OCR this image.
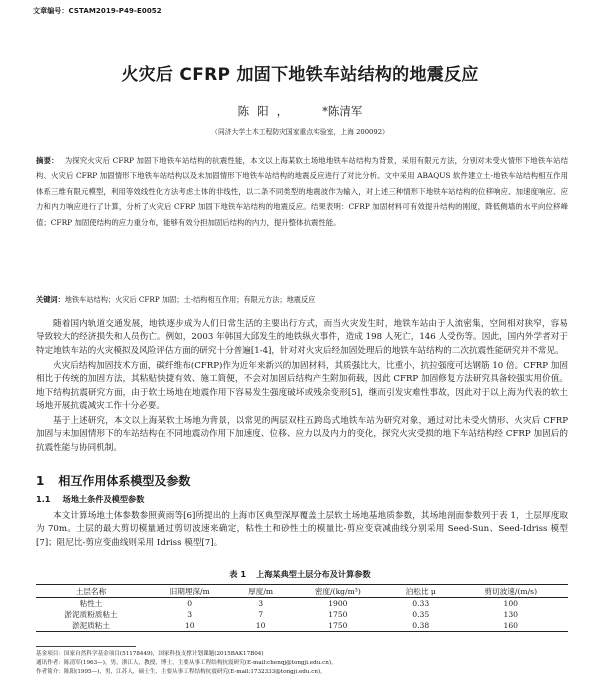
文章编号：CSTAM2019-P49-E0052
火灾后 CFRP 加固下地铁车站结构的地震反应
陈阳， *陈清军
（同济大学土木工程防灾国家重点实验室，上海 200092）
摘要： 为探究火灾后 CFRP 加固下地铁车站结构的抗震性能，本文以上海某软土场地地铁车站结构为背景，采用有限元方法，分别对未受火情形下地铁车站结构、火灾后 CFRP 加固情形下地铁车站结构以及未加固情形下地铁车站结构的地震反应进行了对比分析。文中采用 ABAQUS 软件建立土-地铁车站结构相互作用体系三维有限元模型，利用等效线性化方法考虑土体的非线性，以二条不同类型的地震波作为输入，对上述三种情形下地铁车站结构的位移响应、加速度响应、应力和内力响应进行了计算，分析了火灾后 CFRP 加固下地铁车站结构的地震反应。结果表明：CFRP 加固材料可有效提升结构的刚度，降低侧墙的水平向位移峰值；CFRP 加固使结构的应力重分布，能够有效分担加固后结构的内力，提升整体抗震性能。
关键词：地铁车站结构；火灾后 CFRP 加固；土-结构相互作用；有限元方法；地震反应

随着国内轨道交通发展，地铁逐步成为人们日常生活的主要出行方式，而当火灾发生时，地铁车站由于人流密集，空间相对狭窄，容易导致较大的经济损失和人员伤亡。例如，2003 年韩国大邱发生的地铁纵火事件，造成 198 人死亡，146 人受伤等。因此，国内外学者对于特定地铁车站的火灾模拟及风险评估方面的研究十分普遍[1-4]，针对对火灾后经加固处理后的地铁车站结构的二次抗震性能研究并不常见。

火灾后结构加固技术方面，碳纤维布(CFRP)作为近年来新兴的加固材料，其质强比大，比重小，抗拉强度可达钢筋 10 倍。CFRP 加固相比于传统的加固方法，其粘贴快捷有效、施工简便，不会对加固后结构产生附加荷载，因此 CFRP 加固修复方法研究具备较强实用价值。地下结构抗震研究方面，由于软土场地在地震作用下容易发生强度破坏或残余变形[5]，继而引发灾难性事故，因此对于以上海为代表的软土场地开展抗震减灾工作十分必要。

基于上述研究，本文以上海某软土场地为背景，以常见的两层双柱五跨岛式地铁车站为研究对象，通过对比未受火情形、火灾后 CFRP 加固与未加固情形下的车站结构在不同地震动作用下加速度、位移、应力以及内力的变化，探究火灾受损的地下车站结构经 CFRP 加固后的抗震性能与协同机制。

1 相互作用体系模型及参数
1.1 场地土条件及模型参数

本文计算场地土体参数参照黄雨等[6]所提出的上海市区典型深厚覆盖土层软土场地基地质参数，其场地剖面参数列于表 1，土层厚度取为 70m。土层的最大剪切模量通过剪切波速来确定，粘性土和砂性土的模量比-剪应变衰减曲线分别采用 Seed-Sun、Seed-Idriss 模型[7]；阻尼比-剪应变曲线则采用 Idriss 模型[7]。

表 1 上海某典型土层分布及计算参数
土层名称	旧期埋深/m	厚度/m	密度/(kg/m³)	泊松比 μ	剪切波速/(m/s)
粘性土	0	3	1900	0.33	100
淤泥质粉质粘土	3	7	1750	0.35	130
淤泥质粘土	10	10	1750	0.38	160
基金项目：国家自然科学基金项目(51178449)，国家科技支撑计划课题(2015BAK17B04)
通讯作者：陈清军(1963—)，男，浙江人，教授，博士，主要从事工程结构抗震研究(E-mail:chenqj@tongji.edu.cn)。
作者简介：陈阳(1995—)，男，江苏人，硕士生，主要从事工程结构抗震研究(E-mail:1732333@tongji.edu.cn)。
